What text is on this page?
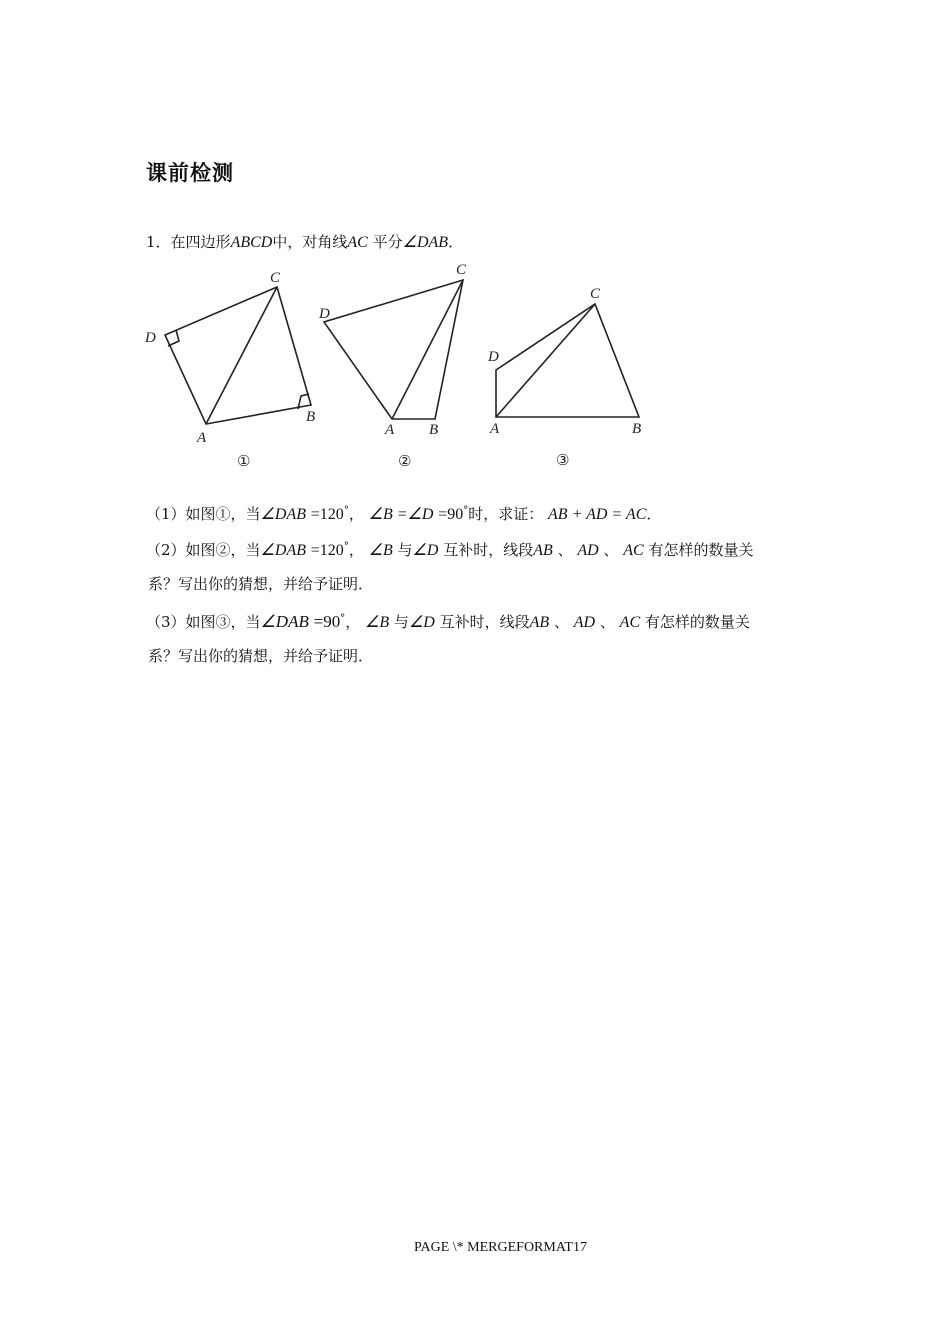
课前检测
1．在四边形ABCD中，对角线AC 平分∠DAB．
C
D
B
A
①
C
D
B
A
②
C
D
B
A
③
（1）如图①，当∠DAB =120°， ∠B =∠D =90°时，求证： AB + AD = AC．
（2）如图②，当∠DAB =120°， ∠B 与∠D 互补时，线段AB 、 AD 、 AC 有怎样的数量关
系？写出你的猜想，并给予证明．
（3）如图③，当∠DAB =90°， ∠B 与∠D 互补时，线段AB 、 AD 、 AC 有怎样的数量关
系？写出你的猜想，并给予证明．
PAGE \* MERGEFORMAT17
